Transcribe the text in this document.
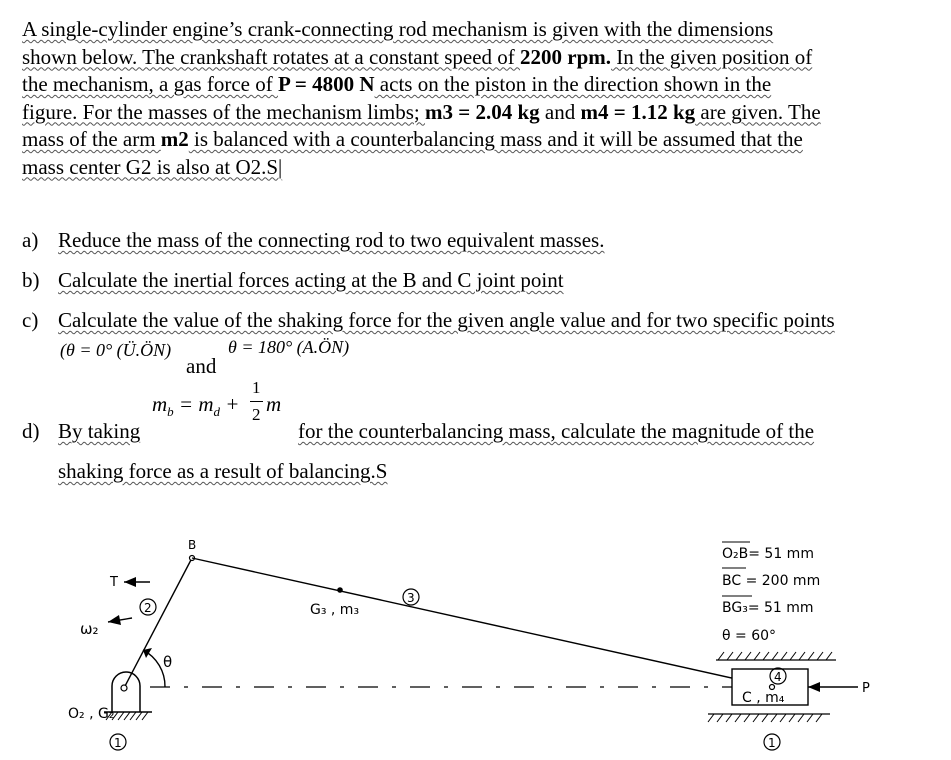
A single-cylinder engine’s crank-connecting rod mechanism is given with the dimensions
shown below. The crankshaft rotates at a constant speed of 2200 rpm. In the given position of
the mechanism, a gas force of P = 4800 N acts on the piston in the direction shown in the
figure. For the masses of the mechanism limbs; m3 = 2.04 kg and m4 = 1.12 kg are given. The
mass of the arm m2 is balanced with a counterbalancing mass and it will be assumed that the
mass center G2 is also at O2.S|
a) Reduce the mass of the connecting rod to two equivalent masses.
b) Calculate the inertial forces acting at the B and C joint point
c) Calculate the value of the shaking force for the given angle value and for two specific points
(θ = 0° (Ü.ÖN)	θ = 180° (A.ÖN)
and
d) By taking
$m_b = m_d$ +
1
2 m
for the counterbalancing mass, calculate the magnitude of the
shaking force as a result of balancing.S
B
T
ω₂
O₂ , G₂
θ
2
3
4
1	1
G₃ , m₃
C , m₄
P
O₂B= 51 mm
BC = 200 mm
BG₃= 51 mm
θ = 60°
